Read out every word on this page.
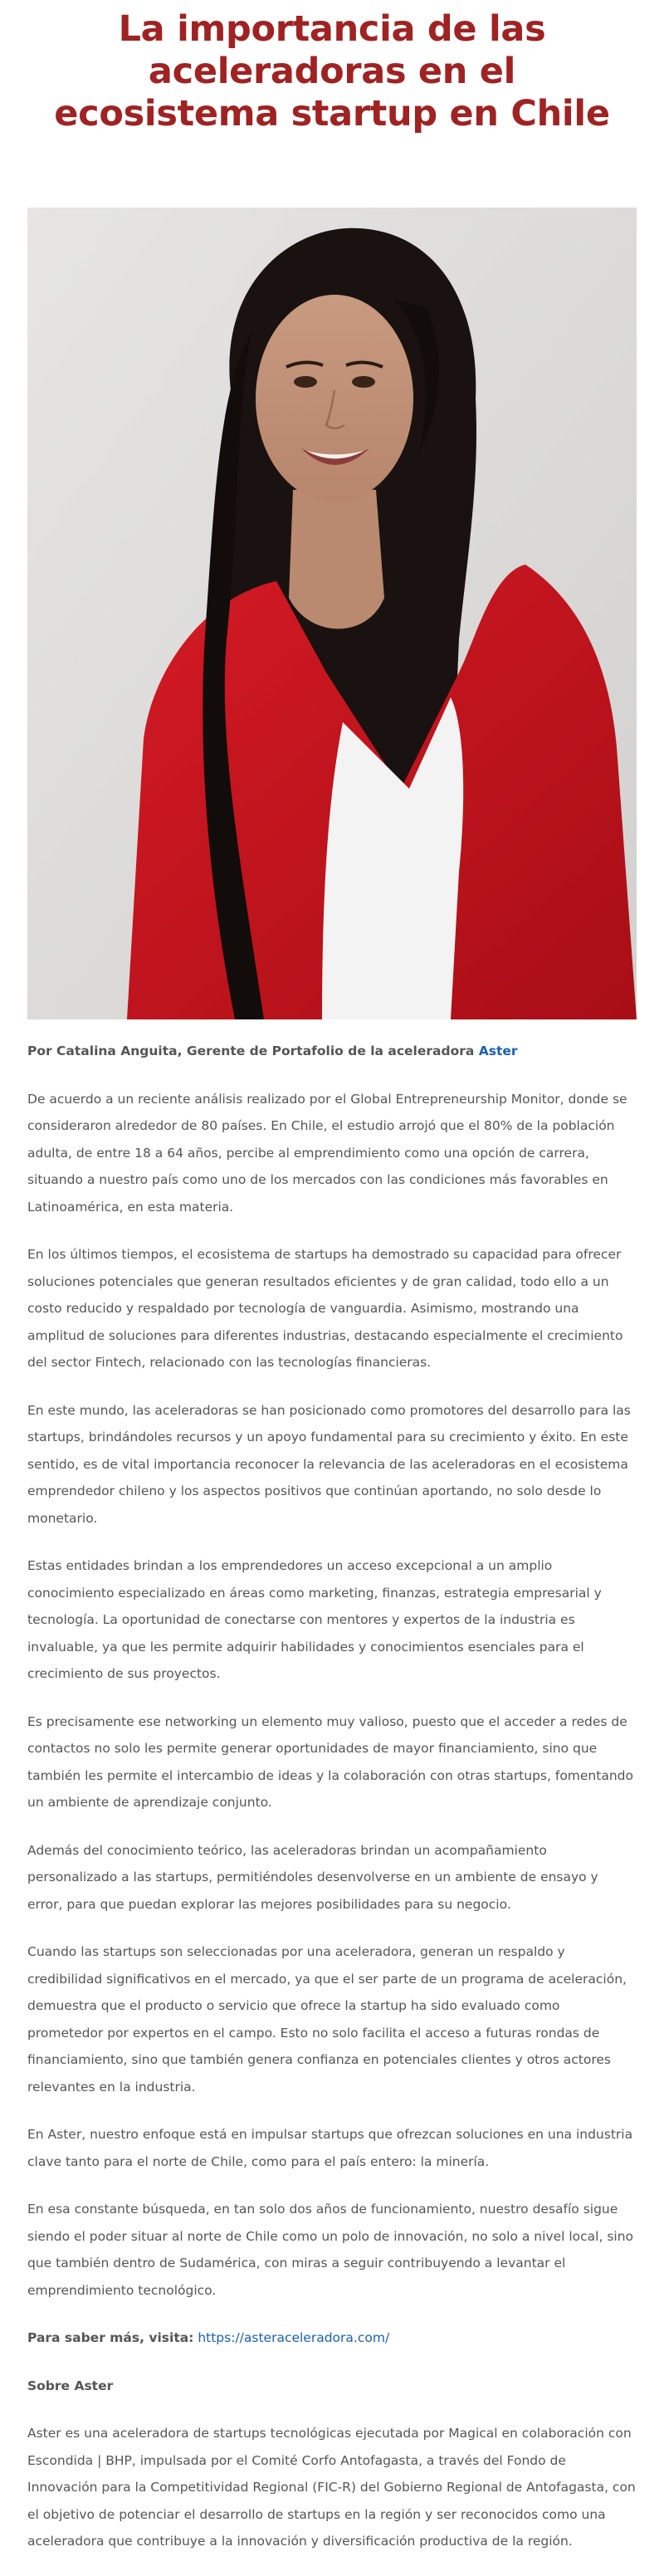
La importancia de las aceleradoras en el ecosistema startup en Chile

Por Catalina Anguita, Gerente de Portafolio de la aceleradora Aster

De acuerdo a un reciente análisis realizado por el Global Entrepreneurship Monitor, donde se consideraron alrededor de 80 países. En Chile, el estudio arrojó que el 80% de la población adulta, de entre 18 a 64 años, percibe al emprendimiento como una opción de carrera, situando a nuestro país como uno de los mercados con las condiciones más favorables en Latinoamérica, en esta materia.

En los últimos tiempos, el ecosistema de startups ha demostrado su capacidad para ofrecer soluciones potenciales que generan resultados eficientes y de gran calidad, todo ello a un costo reducido y respaldado por tecnología de vanguardia. Asimismo, mostrando una amplitud de soluciones para diferentes industrias, destacando especialmente el crecimiento del sector Fintech, relacionado con las tecnologías financieras.

En este mundo, las aceleradoras se han posicionado como promotores del desarrollo para las startups, brindándoles recursos y un apoyo fundamental para su crecimiento y éxito. En este sentido, es de vital importancia reconocer la relevancia de las aceleradoras en el ecosistema emprendedor chileno y los aspectos positivos que continúan aportando, no solo desde lo monetario.

Estas entidades brindan a los emprendedores un acceso excepcional a un amplio conocimiento especializado en áreas como marketing, finanzas, estrategia empresarial y tecnología. La oportunidad de conectarse con mentores y expertos de la industria es invaluable, ya que les permite adquirir habilidades y conocimientos esenciales para el crecimiento de sus proyectos.

Es precisamente ese networking un elemento muy valioso, puesto que el acceder a redes de contactos no solo les permite generar oportunidades de mayor financiamiento, sino que también les permite el intercambio de ideas y la colaboración con otras startups, fomentando un ambiente de aprendizaje conjunto.

Además del conocimiento teórico, las aceleradoras brindan un acompañamiento personalizado a las startups, permitiéndoles desenvolverse en un ambiente de ensayo y error, para que puedan explorar las mejores posibilidades para su negocio.

Cuando las startups son seleccionadas por una aceleradora, generan un respaldo y credibilidad significativos en el mercado, ya que el ser parte de un programa de aceleración, demuestra que el producto o servicio que ofrece la startup ha sido evaluado como prometedor por expertos en el campo. Esto no solo facilita el acceso a futuras rondas de financiamiento, sino que también genera confianza en potenciales clientes y otros actores relevantes en la industria.

En Aster, nuestro enfoque está en impulsar startups que ofrezcan soluciones en una industria clave tanto para el norte de Chile, como para el país entero: la minería.

En esa constante búsqueda, en tan solo dos años de funcionamiento, nuestro desafío sigue siendo el poder situar al norte de Chile como un polo de innovación, no solo a nivel local, sino que también dentro de Sudamérica, con miras a seguir contribuyendo a levantar el emprendimiento tecnológico.

Para saber más, visita: https://asteraceleradora.com/

Sobre Aster

Aster es una aceleradora de startups tecnológicas ejecutada por Magical en colaboración con Escondida | BHP, impulsada por el Comité Corfo Antofagasta, a través del Fondo de Innovación para la Competitividad Regional (FIC-R) del Gobierno Regional de Antofagasta, con el objetivo de potenciar el desarrollo de startups en la región y ser reconocidos como una aceleradora que contribuye a la innovación y diversificación productiva de la región.
